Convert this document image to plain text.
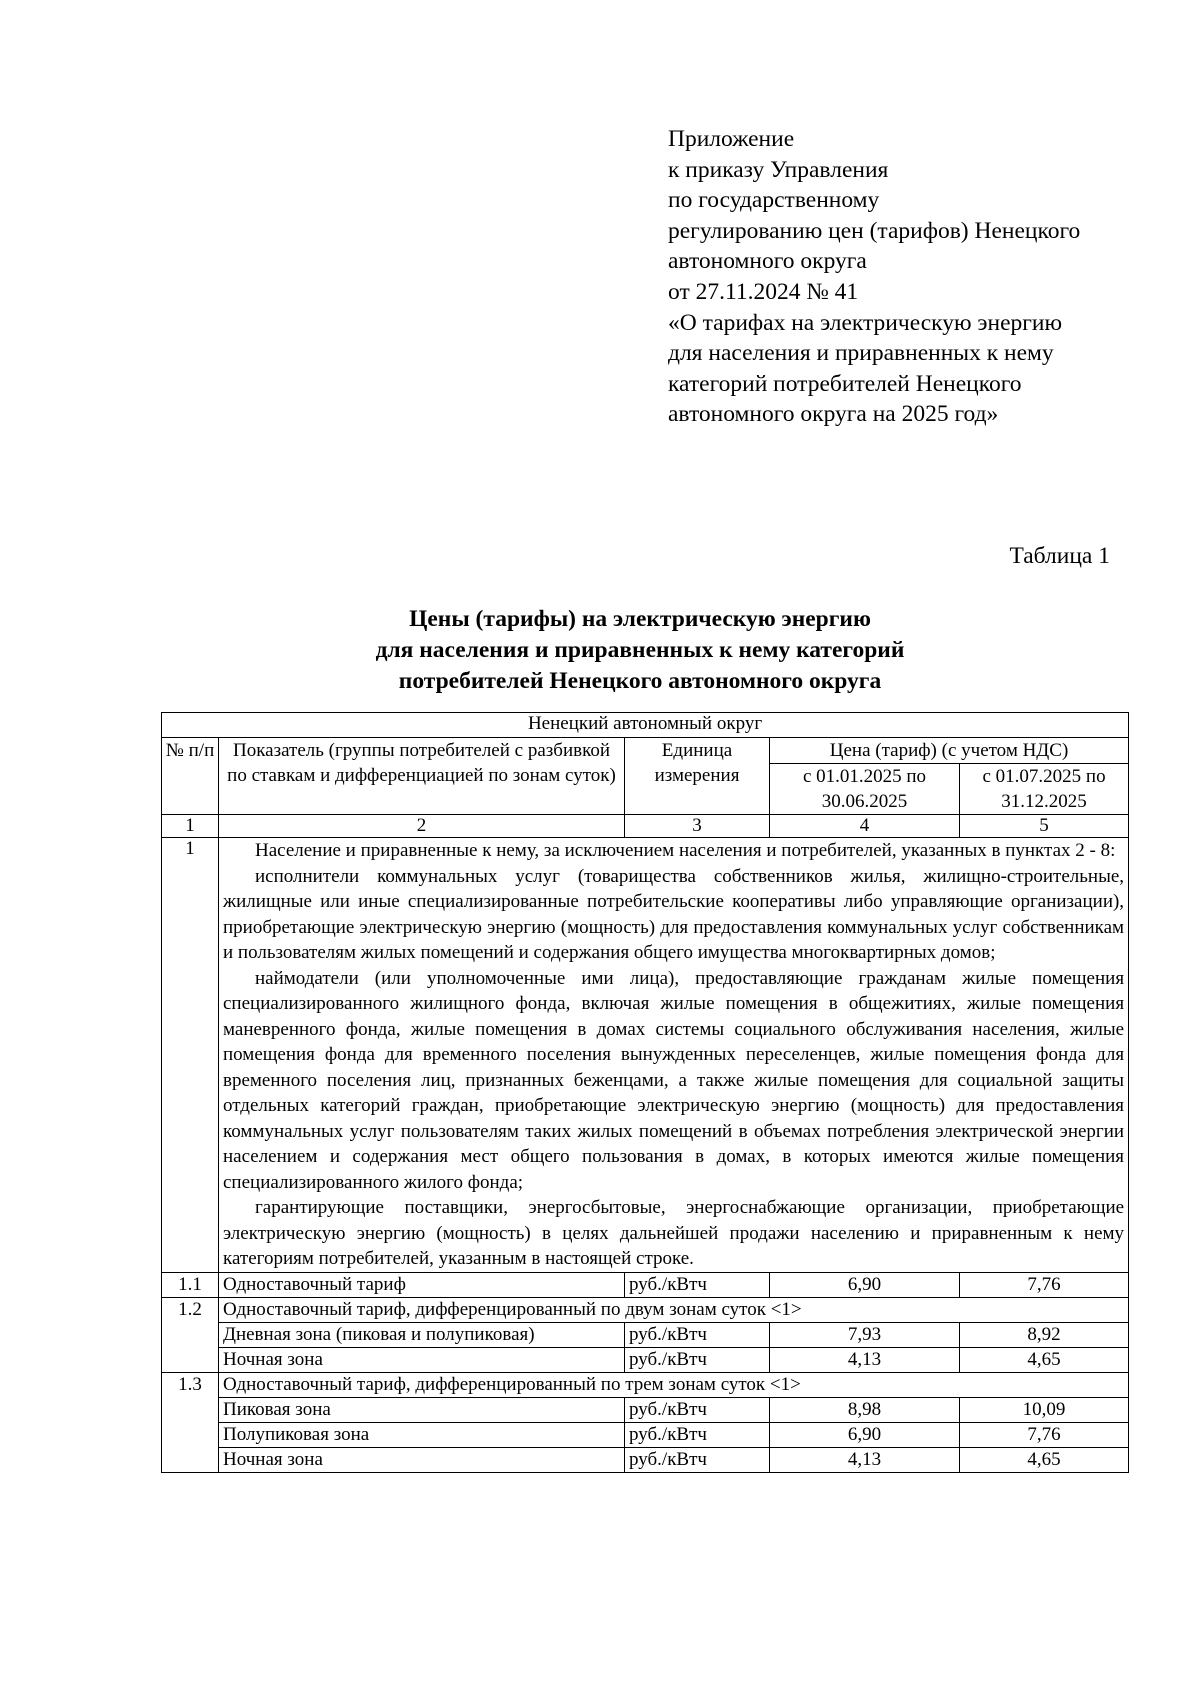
Приложение
к приказу Управления
по государственному
регулированию цен (тарифов) Ненецкого
автономного округа
от 27.11.2024 № 41
«О тарифах на электрическую энергию
для населения и приравненных к нему
категорий потребителей Ненецкого
автономного округа на 2025 год»
Таблица 1
Цены (тарифы) на электрическую энергию
для населения и приравненных к нему категорий
потребителей Ненецкого автономного округа
Ненецкий автономный округ				
№ п/п	Показатель (группы потребителей с разбивкой по ставкам и дифференциацией по зонам суток)	Единица измерения	Цена (тариф) (с учетом НДС)	
			с 01.01.2025 по 30.06.2025	с 01.07.2025 по 31.12.2025
1	2	3	4	5
1	Население и приравненные к нему, за исключением населения и потребителей, указанных в пунктах 2 - 8:

исполнители коммунальных услуг (товарищества собственников жилья, жилищно-строительные, жилищные или иные специализированные потребительские кооперативы либо управляющие организации), приобретающие электрическую энергию (мощность) для предоставления коммунальных услуг собственникам и пользователям жилых помещений и содержания общего имущества многоквартирных домов;

наймодатели (или уполномоченные ими лица), предоставляющие гражданам жилые помещения специализированного жилищного фонда, включая жилые помещения в общежитиях, жилые помещения маневренного фонда, жилые помещения в домах системы социального обслуживания населения, жилые помещения фонда для временного поселения вынужденных переселенцев, жилые помещения фонда для временного поселения лиц, признанных беженцами, а также жилые помещения для социальной защиты отдельных категорий граждан, приобретающие электрическую энергию (мощность) для предоставления коммунальных услуг пользователям таких жилых помещений в объемах потребления электрической энергии населением и содержания мест общего пользования в домах, в которых имеются жилые помещения специализированного жилого фонда;

гарантирующие поставщики, энергосбытовые, энергоснабжающие организации, приобретающие электрическую энергию (мощность) в целях дальнейшей продажи населению и приравненным к нему категориям потребителей, указанным в настоящей строке.			

1.1	Одноставочный тариф	руб./кВтч	6,90	7,76
1.2	Одноставочный тариф, дифференцированный по двум зонам суток <1>			
	Дневная зона (пиковая и полупиковая)	руб./кВтч	7,93	8,92
	Ночная зона	руб./кВтч	4,13	4,65
1.3	Одноставочный тариф, дифференцированный по трем зонам суток <1>			
	Пиковая зона	руб./кВтч	8,98	10,09
	Полупиковая зона	руб./кВтч	6,90	7,76
	Ночная зона	руб./кВтч	4,13	4,65
